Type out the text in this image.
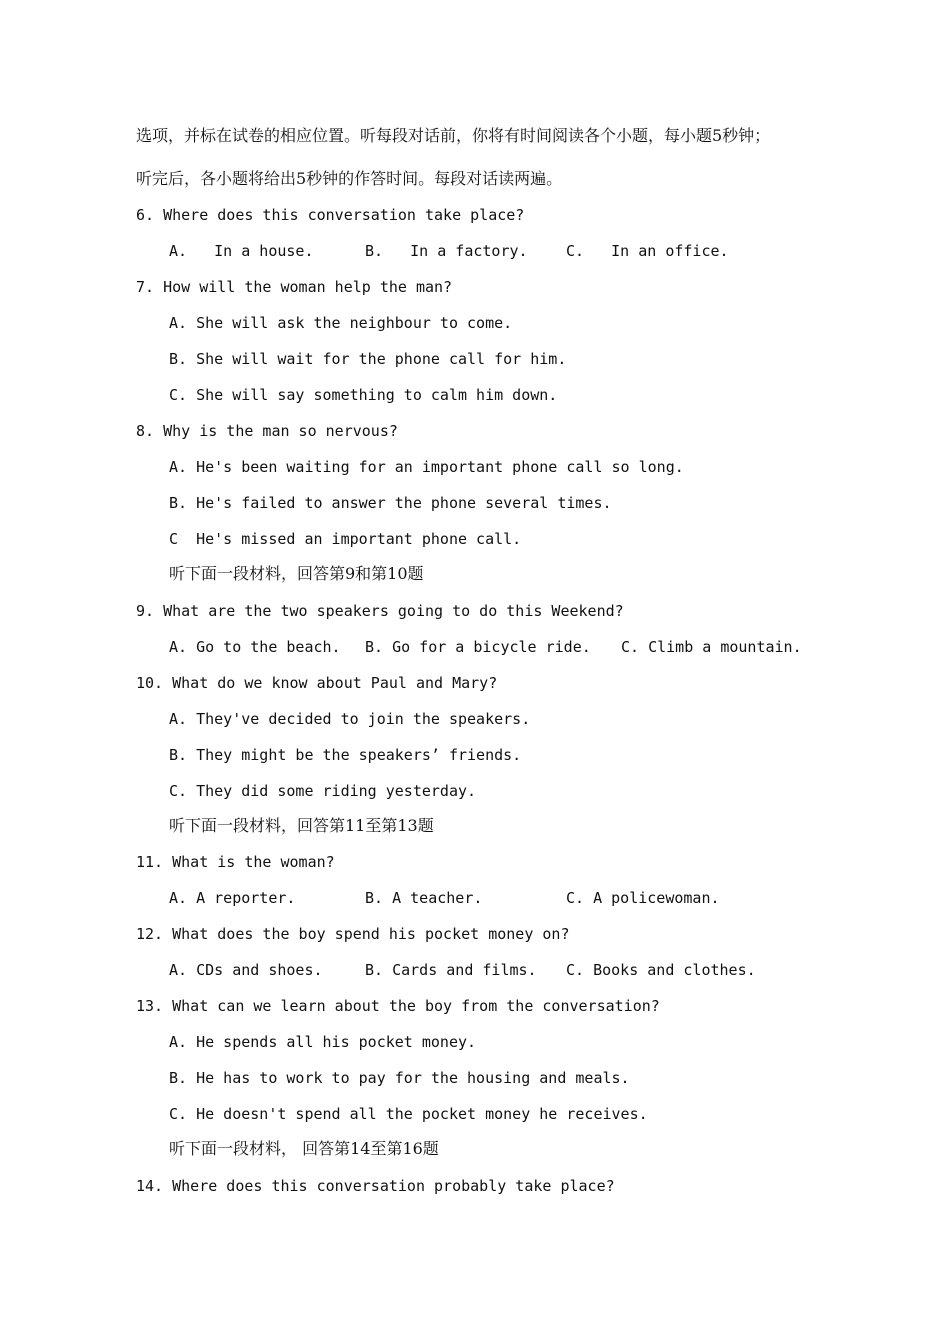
选项，并标在试卷的相应位置。听每段对话前，你将有时间阅读各个小题，每小题5秒钟；
听完后，各小题将给出5秒钟的作答时间。每段对话读两遍。
6. Where does this conversation take place?
A.   In a house.	B.   In a factory.	C.   In an office.
7. How will the woman help the man?
A. She will ask the neighbour to come.
B. She will wait for the phone call for him.
C. She will say something to calm him down.
8. Why is the man so nervous?
A. He's been waiting for an important phone call so long.
B. He's failed to answer the phone several times.
C  He's missed an important phone call.
听下面一段材料，回答第9和第10题
9. What are the two speakers going to do this Weekend?
A. Go to the beach. B. Go for a bicycle ride. C. Climb a mountain.
10. What do we know about Paul and Mary?
A. They've decided to join the speakers.
B. They might be the speakers’ friends.
C. They did some riding yesterday.
听下面一段材料，回答第11至第13题
11. What is the woman?
A. A reporter.	B. A teacher.	C. A policewoman.
12. What does the boy spend his pocket money on?
A. CDs and shoes.	B. Cards and films. C. Books and clothes.
13. What can we learn about the boy from the conversation?
A. He spends all his pocket money.
B. He has to work to pay for the housing and meals.
C. He doesn't spend all the pocket money he receives.
听下面一段材料， 回答第14至第16题
14. Where does this conversation probably take place?
